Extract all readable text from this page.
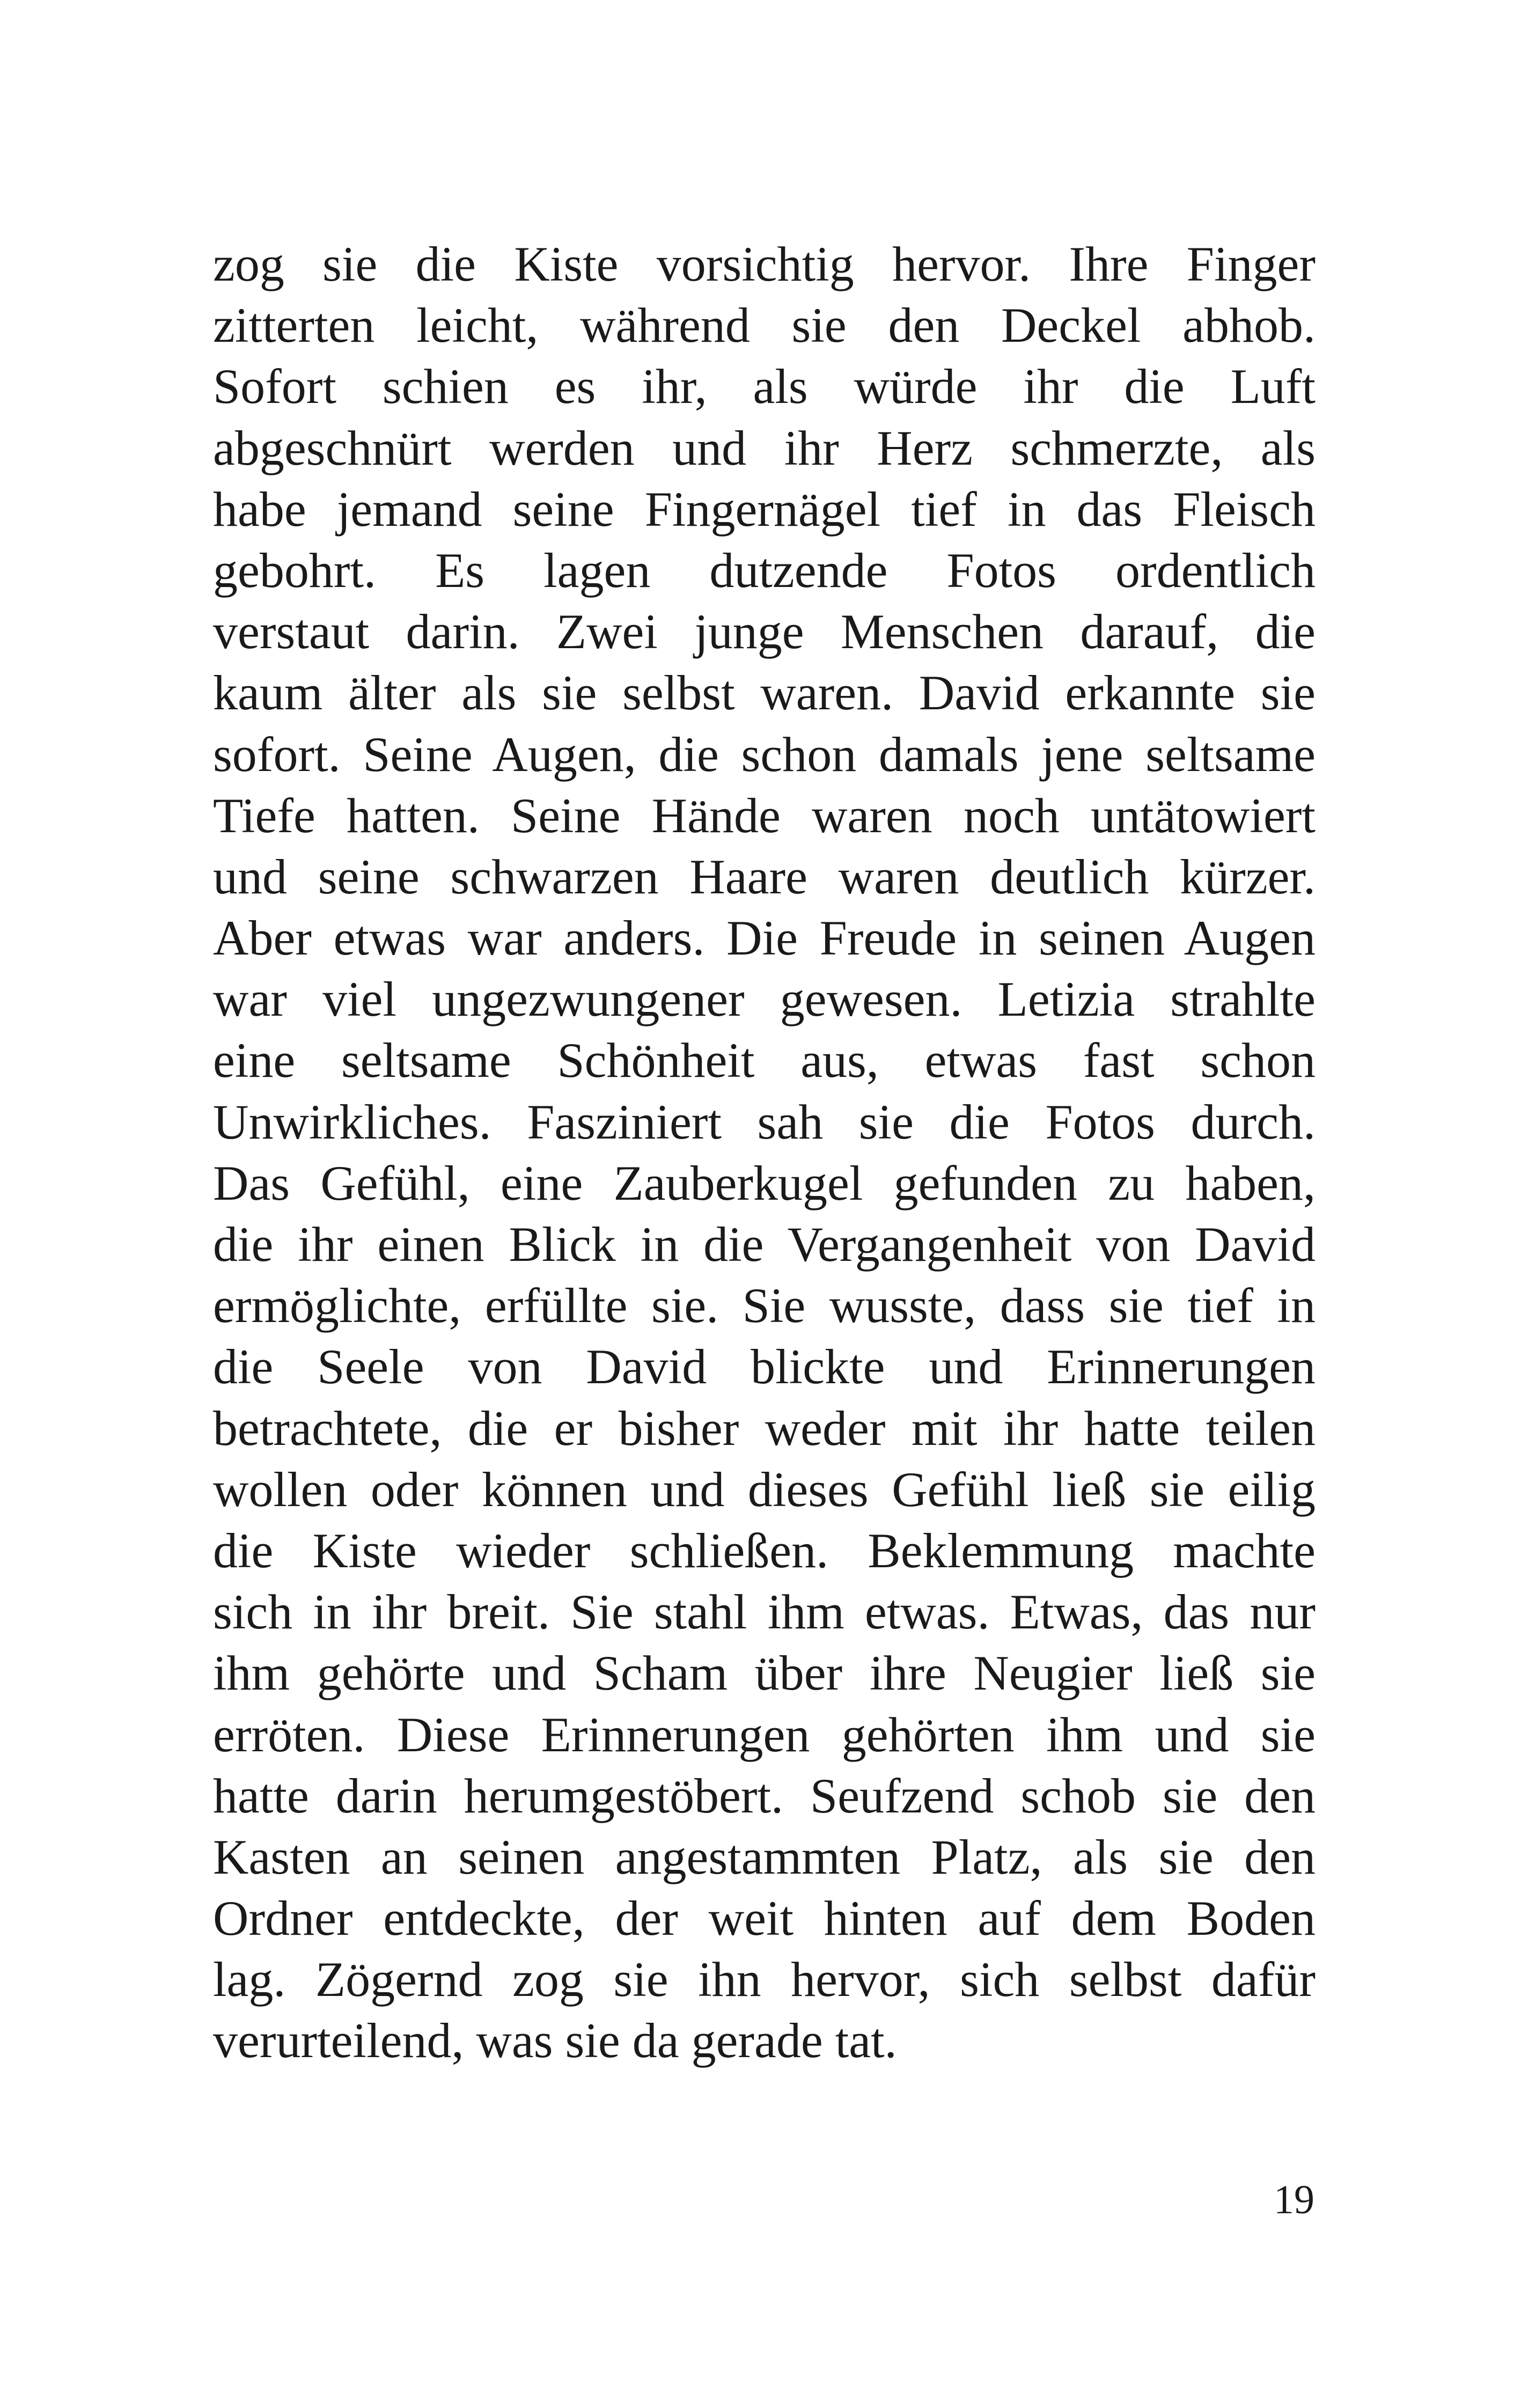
zog sie die Kiste vorsichtig hervor. Ihre Finger
zitterten leicht, während sie den Deckel abhob.
Sofort schien es ihr, als würde ihr die Luft
abgeschnürt werden und ihr Herz schmerzte, als
habe jemand seine Fingernägel tief in das Fleisch
gebohrt. Es lagen dutzende Fotos ordentlich
verstaut darin. Zwei junge Menschen darauf, die
kaum älter als sie selbst waren. David erkannte sie
sofort. Seine Augen, die schon damals jene seltsame
Tiefe hatten. Seine Hände waren noch untätowiert
und seine schwarzen Haare waren deutlich kürzer.
Aber etwas war anders. Die Freude in seinen Augen
war viel ungezwungener gewesen. Letizia strahlte
eine seltsame Schönheit aus, etwas fast schon
Unwirkliches. Fasziniert sah sie die Fotos durch.
Das Gefühl, eine Zauberkugel gefunden zu haben,
die ihr einen Blick in die Vergangenheit von David
ermöglichte, erfüllte sie. Sie wusste, dass sie tief in
die Seele von David blickte und Erinnerungen
betrachtete, die er bisher weder mit ihr hatte teilen
wollen oder können und dieses Gefühl ließ sie eilig
die Kiste wieder schließen. Beklemmung machte
sich in ihr breit. Sie stahl ihm etwas. Etwas, das nur
ihm gehörte und Scham über ihre Neugier ließ sie
erröten. Diese Erinnerungen gehörten ihm und sie
hatte darin herumgestöbert. Seufzend schob sie den
Kasten an seinen angestammten Platz, als sie den
Ordner entdeckte, der weit hinten auf dem Boden
lag. Zögernd zog sie ihn hervor, sich selbst dafür
verurteilend, was sie da gerade tat.
19
